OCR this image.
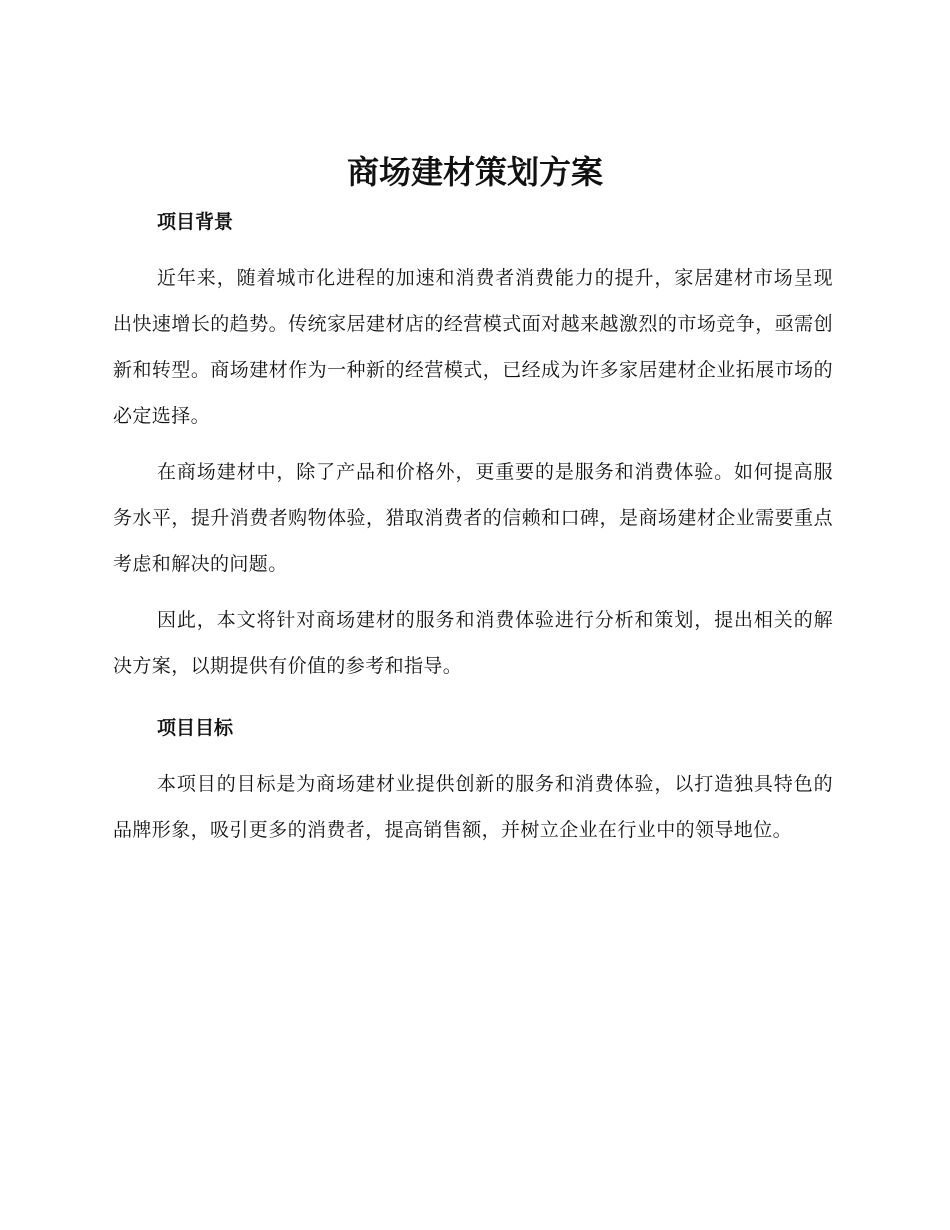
商场建材策划方案
项目背景

近年来，随着城市化进程的加速和消费者消费能力的提升，家居建材市场呈现出快速增长的趋势。传统家居建材店的经营模式面对越来越激烈的市场竞争，亟需创新和转型。商场建材作为一种新的经营模式，已经成为许多家居建材企业拓展市场的必定选择。

在商场建材中，除了产品和价格外，更重要的是服务和消费体验。如何提高服务水平，提升消费者购物体验，猎取消费者的信赖和口碑，是商场建材企业需要重点考虑和解决的问题。

因此，本文将针对商场建材的服务和消费体验进行分析和策划，提出相关的解决方案，以期提供有价值的参考和指导。

项目目标

本项目的目标是为商场建材业提供创新的服务和消费体验，以打造独具特色的品牌形象，吸引更多的消费者，提高销售额，并树立企业在行业中的领导地位。
